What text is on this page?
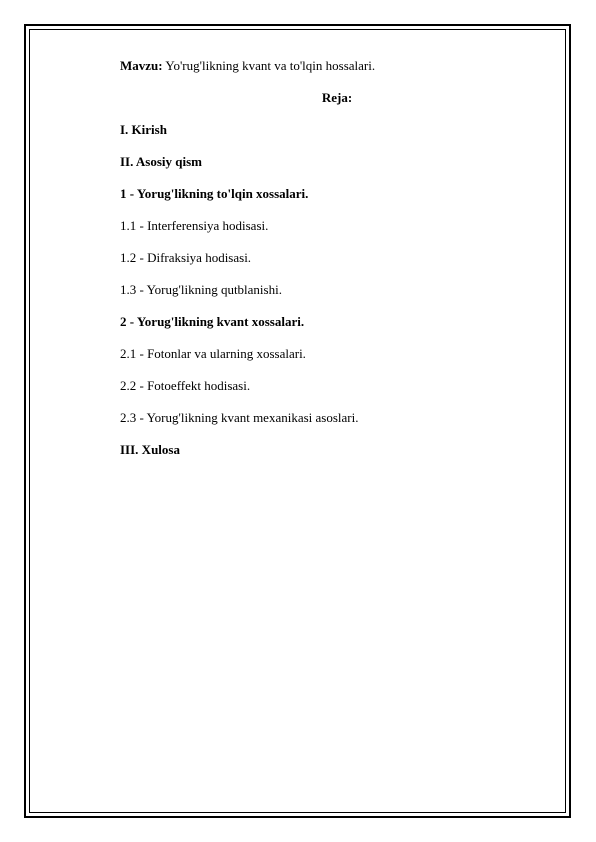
Mavzu: Yo'rug'likning kvant va to'lqin hossalari.
Reja:
I. Kirish
II. Asosiy qism
1 - Yorug'likning to'lqin xossalari.
1.1 - Interferensiya hodisasi.
1.2 - Difraksiya hodisasi.
1.3 - Yorug'likning qutblanishi.
2 - Yorug'likning kvant xossalari.
2.1 - Fotonlar va ularning xossalari.
2.2 - Fotoeffekt hodisasi.
2.3 - Yorug'likning kvant mexanikasi asoslari.
III. Xulosa
